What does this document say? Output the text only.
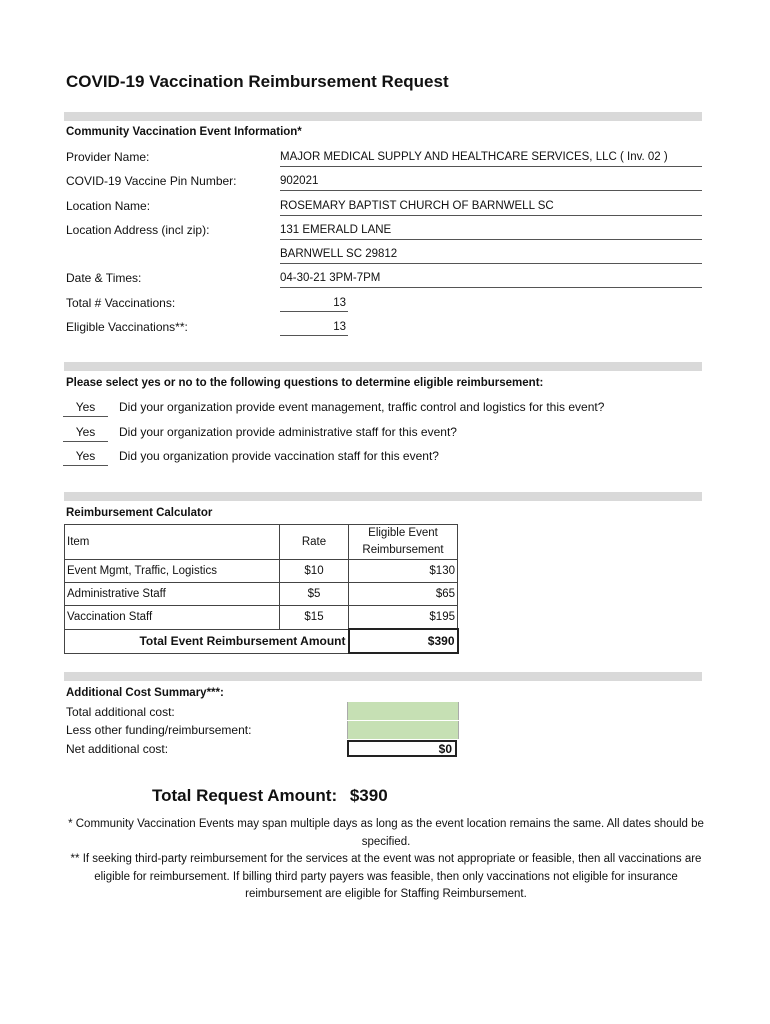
COVID-19 Vaccination Reimbursement Request
Community Vaccination Event Information*
Provider Name:	MAJOR MEDICAL SUPPLY AND HEALTHCARE SERVICES, LLC ( Inv. 02 )
COVID-19 Vaccine Pin Number:	902021
Location Name:	ROSEMARY BAPTIST CHURCH OF BARNWELL SC
Location Address (incl zip):	131 EMERALD LANE
BARNWELL SC 29812
Date & Times:	04-30-21 3PM-7PM
Total # Vaccinations:	13
Eligible Vaccinations**:	13
Please select yes or no to the following questions to determine eligible reimbursement:
Yes	Did your organization provide event management, traffic control and logistics for this event?
Yes	Did your organization provide administrative staff for this event?
Yes	Did you organization provide vaccination staff for this event?
Reimbursement Calculator
Item	Rate	Eligible Event
Reimbursement

Event Mgmt, Traffic, Logistics	$10	$130
Administrative Staff	$5	$65
Vaccination Staff	$15	$195
Total Event Reimbursement Amount		$390
Additional Cost Summary***:
Total additional cost:
Less other funding/reimbursement:
Net additional cost:	$0
Total Request Amount: $390
* Community Vaccination Events may span multiple days as long as the event location remains the same. All dates should be specified.
** If seeking third-party reimbursement for the services at the event was not appropriate or feasible, then all vaccinations are eligible for reimbursement. If billing third party payers was feasible, then only vaccinations not eligible for insurance reimbursement are eligible for Staffing Reimbursement.
